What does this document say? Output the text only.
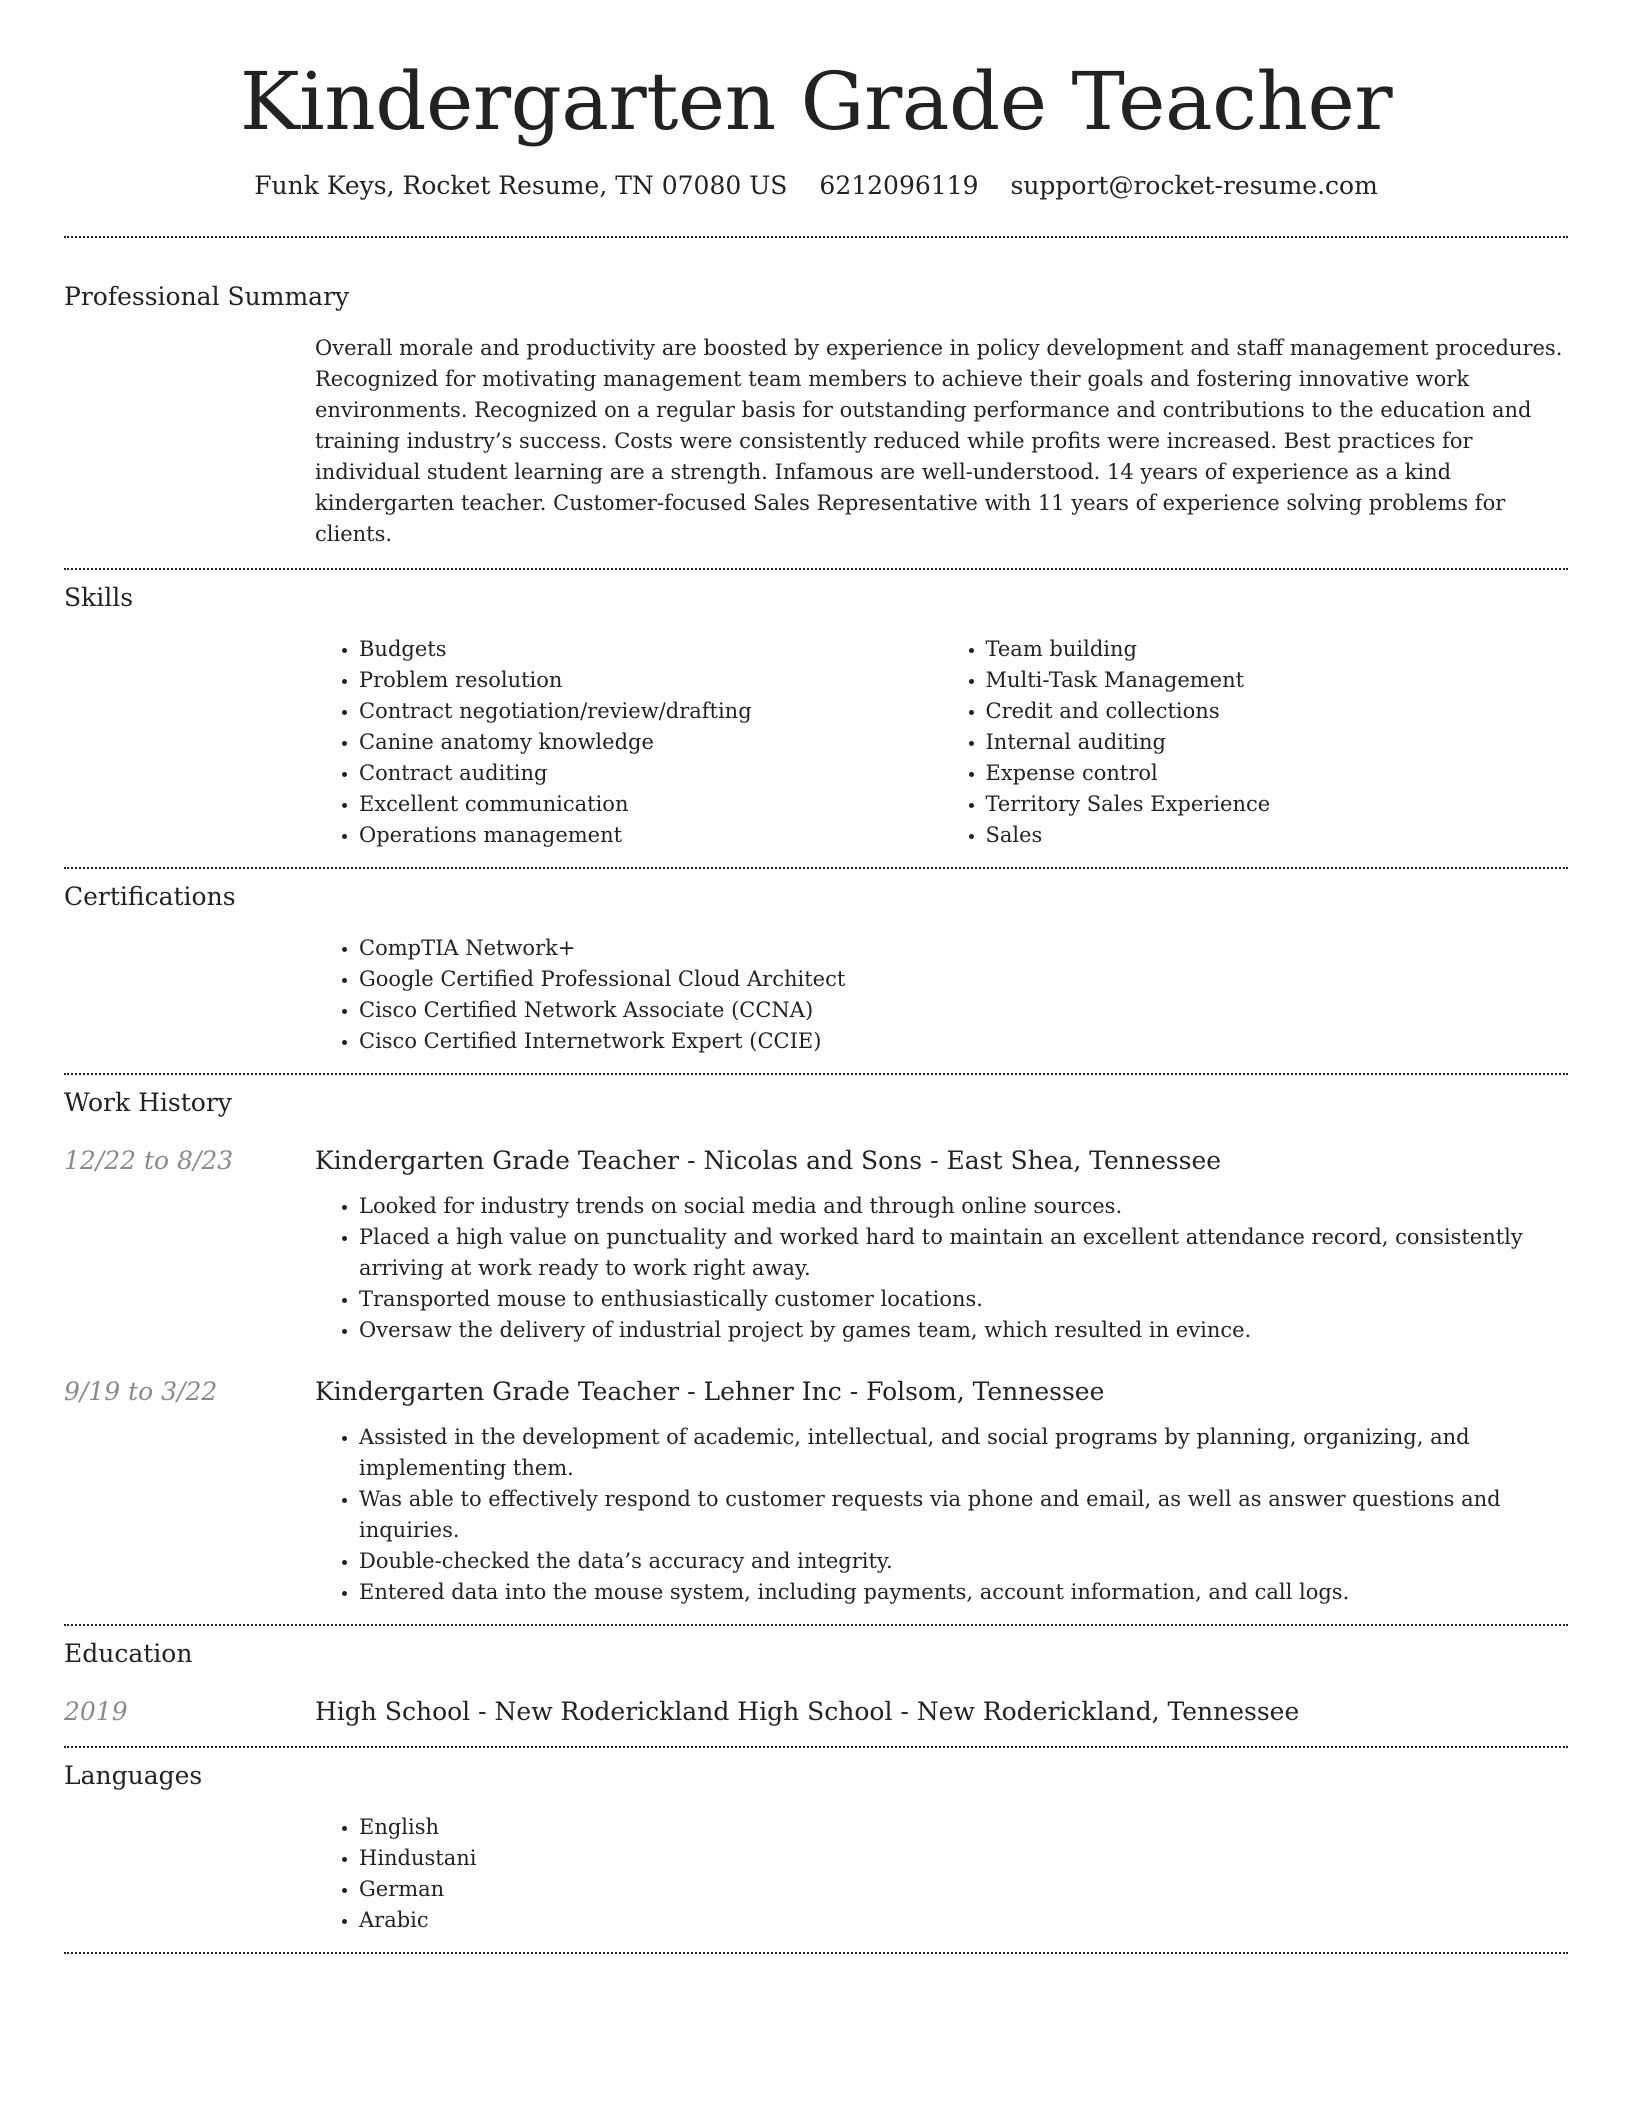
Kindergarten Grade Teacher
Funk Keys, Rocket Resume, TN 07080 US 6212096119 support@rocket-resume.com
Professional Summary
Overall morale and productivity are boosted by experience in policy development and staff management procedures. Recognized for motivating management team members to achieve their goals and fostering innovative work environments. Recognized on a regular basis for outstanding performance and contributions to the education and training industry’s success. Costs were consistently reduced while profits were increased. Best practices for individual student learning are a strength. Infamous are well-understood. 14 years of experience as a kind kindergarten teacher. Customer-focused Sales Representative with 11 years of experience solving problems for clients.
Skills
• Budgets
• Problem resolution
• Contract negotiation/review/drafting
• Canine anatomy knowledge
• Contract auditing
• Excellent communication
• Operations management
• Team building
• Multi-Task Management
• Credit and collections
• Internal auditing
• Expense control
• Territory Sales Experience
• Sales
Certifications
• CompTIA Network+
• Google Certified Professional Cloud Architect
• Cisco Certified Network Associate (CCNA)
• Cisco Certified Internetwork Expert (CCIE)
Work History
12/22 to 8/23	Kindergarten Grade Teacher - Nicolas and Sons - East Shea, Tennessee
• Looked for industry trends on social media and through online sources.
• Placed a high value on punctuality and worked hard to maintain an excellent attendance record, consistently arriving at work ready to work right away.
• Transported mouse to enthusiastically customer locations.
• Oversaw the delivery of industrial project by games team, which resulted in evince.
9/19 to 3/22	Kindergarten Grade Teacher - Lehner Inc - Folsom, Tennessee
• Assisted in the development of academic, intellectual, and social programs by planning, organizing, and implementing them.
• Was able to effectively respond to customer requests via phone and email, as well as answer questions and inquiries.
• Double-checked the data’s accuracy and integrity.
• Entered data into the mouse system, including payments, account information, and call logs.
Education
2019	High School - New Roderickland High School - New Roderickland, Tennessee
Languages
• English
• Hindustani
• German
• Arabic
